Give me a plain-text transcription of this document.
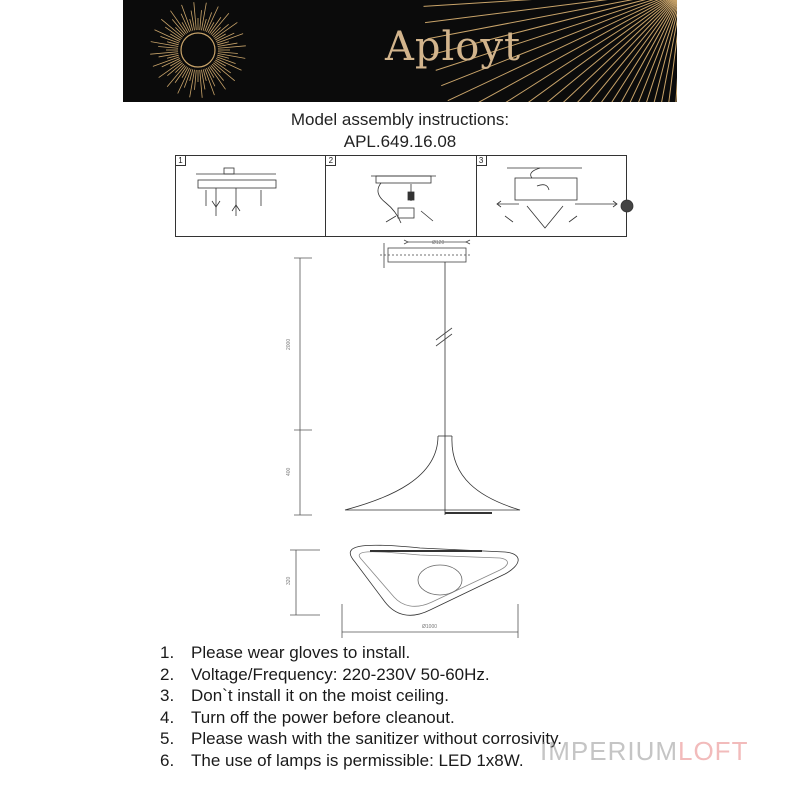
Aployt
Model assembly instructions:
APL.649.16.08
1	2	3
Ø120
2000
400
320
Ø1000
1. Please wear gloves to install.
2. Voltage/Frequency: 220-230V 50-60Hz.
3. Don`t install it on the moist ceiling.
4. Turn off the power before cleanout.
5. Please wash with the sanitizer without corrosivity.
6. The use of lamps is permissible: LED 1x8W. IMPERIUMLOFT
